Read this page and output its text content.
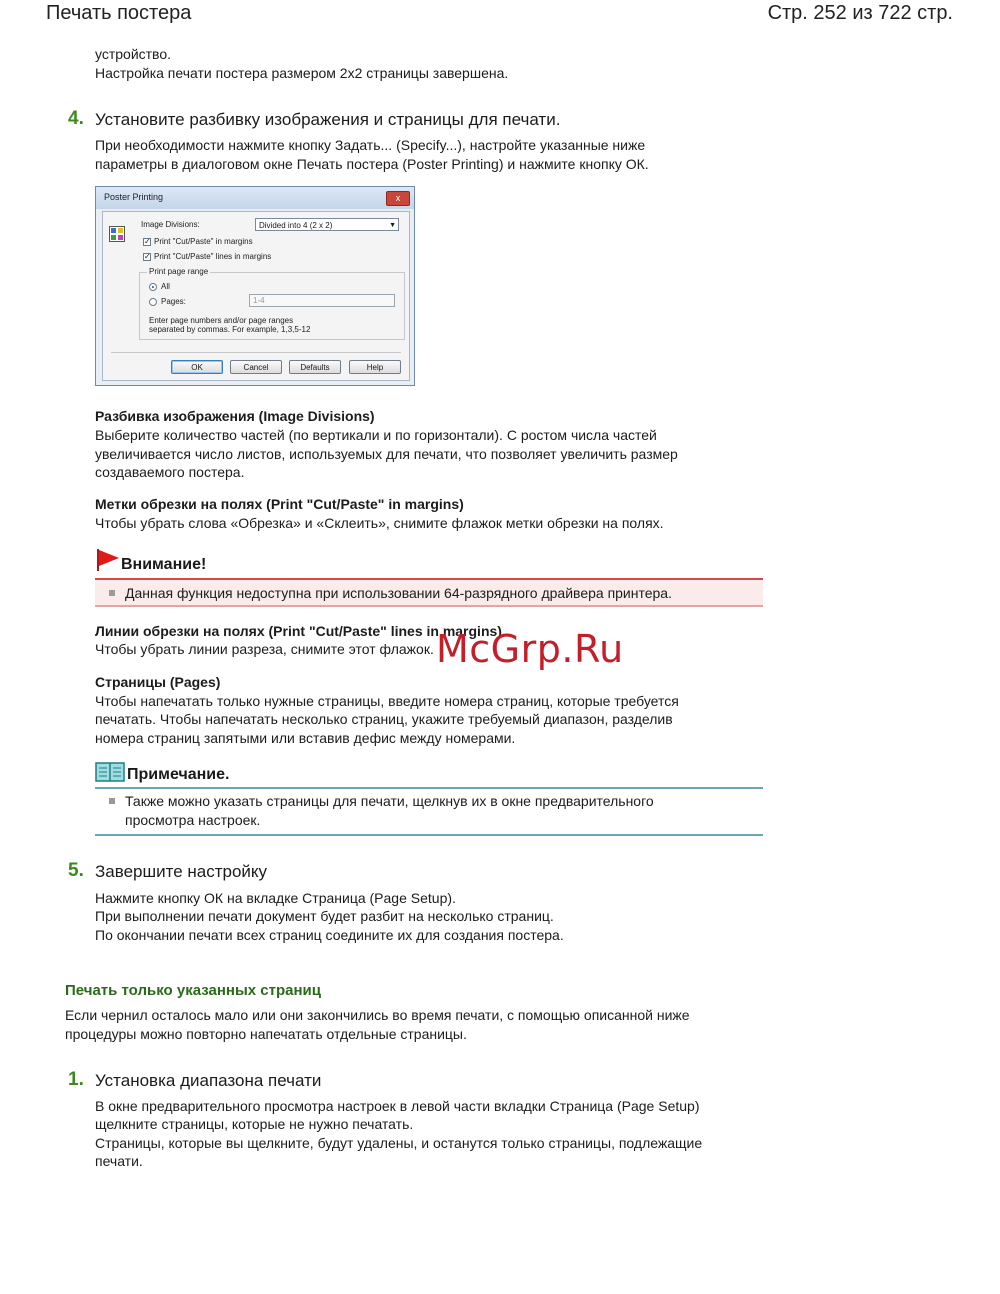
Печать постера	Стр. 252 из 722 стр.
устройство.
Настройка печати постера размером 2x2 страницы завершена.
4. Установите разбивку изображения и страницы для печати.
При необходимости нажмите кнопку Задать... (Specify...), настройте указанные ниже
параметры в диалоговом окне Печать постера (Poster Printing) и нажмите кнопку ОК.
Poster Printing	x
Image Divisions:	Divided into 4 (2 x 2)	▼
✓ Print "Cut/Paste" in margins
✓ Print "Cut/Paste" lines in margins
Print page range
All
Pages:	1-4
Enter page numbers and/or page ranges
separated by commas. For example, 1,3,5-12
OK	Cancel	Defaults	Help
Разбивка изображения (Image Divisions)
Выберите количество частей (по вертикали и по горизонтали). С ростом числа частей
увеличивается число листов, используемых для печати, что позволяет увеличить размер
создаваемого постера.
Метки обрезки на полях (Print "Cut/Paste" in margins)
Чтобы убрать слова «Обрезка» и «Склеить», снимите флажок метки обрезки на полях.
Внимание!
Данная функция недоступна при использовании 64-разрядного драйвера принтера.
Линии обрезки на полях (Print "Cut/Paste" lines in margins)
Чтобы убрать линии разреза, снимите этот флажок.
Страницы (Pages)
Чтобы напечатать только нужные страницы, введите номера страниц, которые требуется
печатать. Чтобы напечатать несколько страниц, укажите требуемый диапазон, разделив
номера страниц запятыми или вставив дефис между номерами.
Примечание.
Также можно указать страницы для печати, щелкнув их в окне предварительного
просмотра настроек.
5. Завершите настройку
Нажмите кнопку ОК на вкладке Страница (Page Setup).
При выполнении печати документ будет разбит на несколько страниц.
По окончании печати всех страниц соедините их для создания постера.
Печать только указанных страниц
Если чернил осталось мало или они закончились во время печати, с помощью описанной ниже
процедуры можно повторно напечатать отдельные страницы.
1. Установка диапазона печати
В окне предварительного просмотра настроек в левой части вкладки Страница (Page Setup)
щелкните страницы, которые не нужно печатать.
Страницы, которые вы щелкните, будут удалены, и останутся только страницы, подлежащие
печати.
McGrp.Ru
